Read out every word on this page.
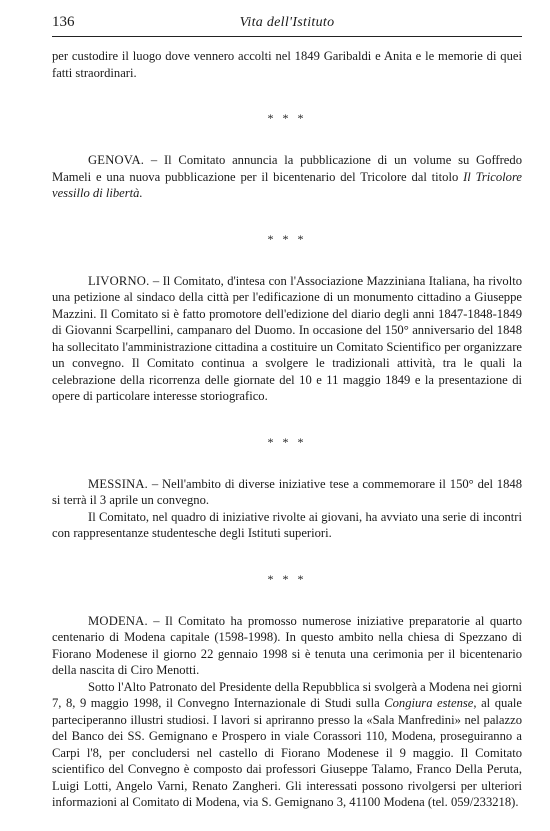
136	Vita dell'Istituto

per custodire il luogo dove vennero accolti nel 1849 Garibaldi e Anita e le memorie di quei fatti straordinari.

* * *

GENOVA. – Il Comitato annuncia la pubblicazione di un volume su Goffredo Mameli e una nuova pubblicazione per il bicentenario del Tricolore dal titolo Il Tricolore vessillo di libertà.

* * *

LIVORNO. – Il Comitato, d'intesa con l'Associazione Mazziniana Italiana, ha rivolto una petizione al sindaco della città per l'edificazione di un monumento cittadino a Giuseppe Mazzini. Il Comitato si è fatto promotore dell'edizione del diario degli anni 1847-1848-1849 di Giovanni Scarpellini, campanaro del Duomo. In occasione del 150° anniversario del 1848 ha sollecitato l'amministrazione cittadina a costituire un Comitato Scientifico per organizzare un convegno. Il Comitato continua a svolgere le tradizionali attività, tra le quali la celebrazione della ricorrenza delle giornate del 10 e 11 maggio 1849 e la presentazione di opere di particolare interesse storiografico.

* * *

MESSINA. – Nell'ambito di diverse iniziative tese a commemorare il 150° del 1848 si terrà il 3 aprile un convegno.

Il Comitato, nel quadro di iniziative rivolte ai giovani, ha avviato una serie di incontri con rappresentanze studentesche degli Istituti superiori.

* * *

MODENA. – Il Comitato ha promosso numerose iniziative preparatorie al quarto centenario di Modena capitale (1598-1998). In questo ambito nella chiesa di Spezzano di Fiorano Modenese il giorno 22 gennaio 1998 si è tenuta una cerimonia per il bicentenario della nascita di Ciro Menotti.

Sotto l'Alto Patronato del Presidente della Repubblica si svolgerà a Modena nei giorni 7, 8, 9 maggio 1998, il Convegno Internazionale di Studi sulla Congiura estense, al quale parteciperanno illustri studiosi. I lavori si apriranno presso la «Sala Manfredini» nel palazzo del Banco dei SS. Gemignano e Prospero in viale Corassori 110, Modena, proseguiranno a Carpi l'8, per concludersi nel castello di Fiorano Modenese il 9 maggio. Il Comitato scientifico del Convegno è composto dai professori Giuseppe Talamo, Franco Della Peruta, Luigi Lotti, Angelo Varni, Renato Zangheri. Gli interessati possono rivolgersi per ulteriori informazioni al Comitato di Modena, via S. Gemignano 3, 41100 Modena (tel. 059/233218).
